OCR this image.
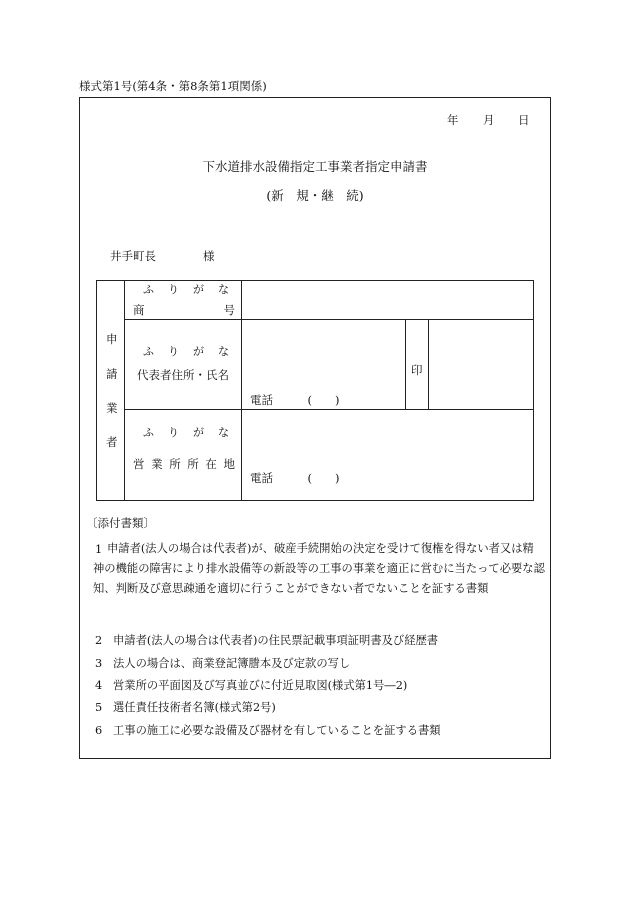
様式第1号(第4条・第8条第1項関係)
年 月 日
下水道排水設備指定工事業者指定申請書
(新　規・継　続)
井手町長	様
申
請
業
者
ふ り が な
商	号
ふ り が な
代表者住所・氏名
電話　　　(　　)
印
ふ り が な
営 業 所 所 在 地
電話　　　(　　)
〔添付書類〕
1 申請者(法人の場合は代表者)が、破産手続開始の決定を受けて復権を得ない者又は精神の機能の障害により排水設備等の新設等の工事の事業を適正に営むに当たって必要な認知、判断及び意思疎通を適切に行うことができない者でないことを証する書類
2 申請者(法人の場合は代表者)の住民票記載事項証明書及び経歴書
3 法人の場合は、商業登記簿謄本及び定款の写し
4 営業所の平面図及び写真並びに付近見取図(様式第1号―2)
5 選任責任技術者名簿(様式第2号)
6 工事の施工に必要な設備及び器材を有していることを証する書類
